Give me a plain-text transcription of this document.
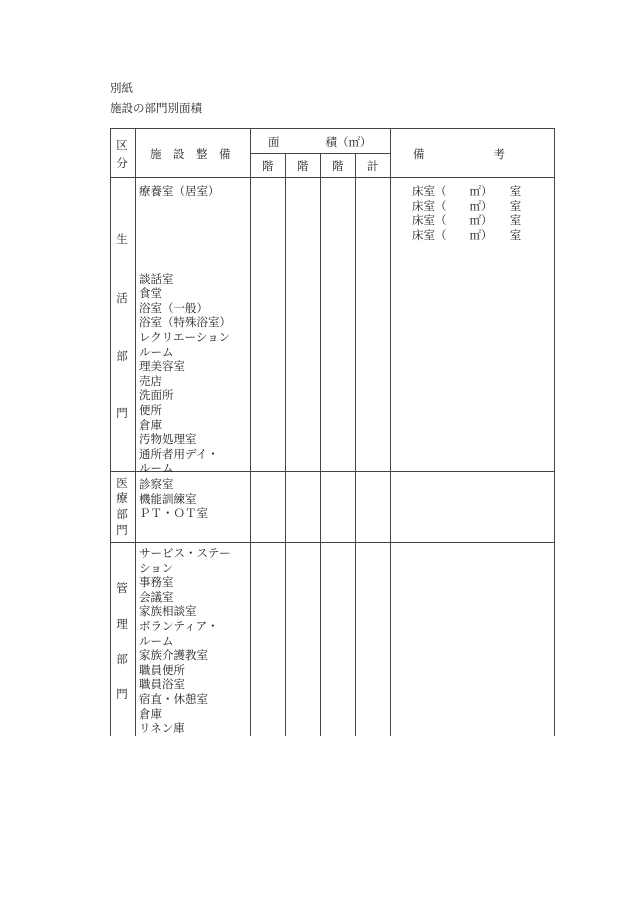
別紙
施設の部門別面積
区
分
施　設　整　備
面　　　　積（㎡）
階 階 階 計
備　　　　　　考
生
活
部
門
療養室（居室）
談話室
食堂
浴室（一般）
浴室（特殊浴室）
レクリエーション
ルーム
理美容室
売店
洗面所
便所
倉庫
汚物処理室
通所者用デイ・
ルーム
床室（　　㎡）　　室
床室（　　㎡）　　室
床室（　　㎡）　　室
床室（　　㎡）　　室
医
療
部
門
診察室
機能訓練室
ＰＴ・ＯＴ室
管
理
部
門
サービス・ステー
ション
事務室
会議室
家族相談室
ボランティア・
ルーム
家族介護教室
職員便所
職員浴室
宿直・休憩室
倉庫
リネン庫
